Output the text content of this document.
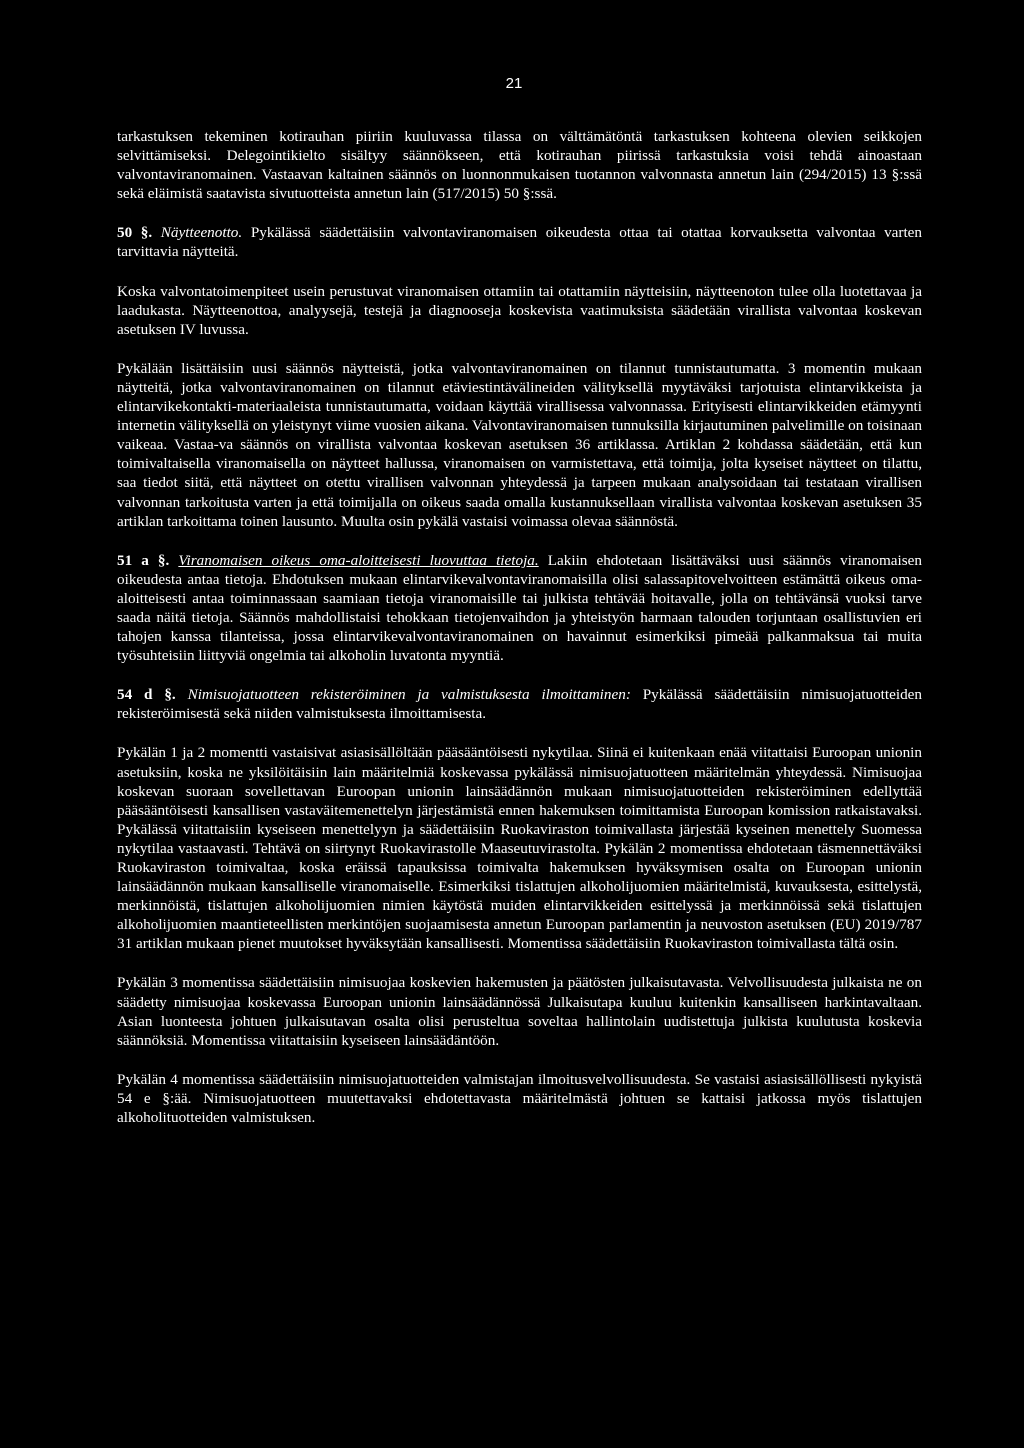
21

tarkastuksen tekeminen kotirauhan piiriin kuuluvassa tilassa on välttämätöntä tarkastuksen kohteena olevien seikkojen selvittämiseksi. Delegointikielto sisältyy säännökseen, että kotirauhan piirissä tarkastuksia voisi tehdä ainoastaan valvontaviranomainen. Vastaavan kaltainen säännös on luonnonmukaisen tuotannon valvonnasta annetun lain (294/2015) 13 §:ssä sekä eläimistä saatavista sivutuotteista annetun lain (517/2015) 50 §:ssä.

50 §. Näytteenotto. Pykälässä säädettäisiin valvontaviranomaisen oikeudesta ottaa tai otattaa korvauksetta valvontaa varten tarvittavia näytteitä.

Koska valvontatoimenpiteet usein perustuvat viranomaisen ottamiin tai otattamiin näytteisiin, näytteenoton tulee olla luotettavaa ja laadukasta. Näytteenottoa, analyysejä, testejä ja diagnooseja koskevista vaatimuksista säädetään virallista valvontaa koskevan asetuksen IV luvussa.

Pykälään lisättäisiin uusi säännös näytteistä, jotka valvontaviranomainen on tilannut tunnistautumatta. 3 momentin mukaan näytteitä, jotka valvontaviranomainen on tilannut etäviestintävälineiden välityksellä myytäväksi tarjotuista elintarvikkeista ja elintarvikekontakti-materiaaleista tunnistautumatta, voidaan käyttää virallisessa valvonnassa. Erityisesti elintarvikkeiden etämyynti internetin välityksellä on yleistynyt viime vuosien aikana. Valvontaviranomaisen tunnuksilla kirjautuminen palvelimille on toisinaan vaikeaa. Vastaa-va säännös on virallista valvontaa koskevan asetuksen 36 artiklassa. Artiklan 2 kohdassa säädetään, että kun toimivaltaisella viranomaisella on näytteet hallussa, viranomaisen on varmistettava, että toimija, jolta kyseiset näytteet on tilattu, saa tiedot siitä, että näytteet on otettu virallisen valvonnan yhteydessä ja tarpeen mukaan analysoidaan tai testataan virallisen valvonnan tarkoitusta varten ja että toimijalla on oikeus saada omalla kustannuksellaan virallista valvontaa koskevan asetuksen 35 artiklan tarkoittama toinen lausunto. Muulta osin pykälä vastaisi voimassa olevaa säännöstä.

51 a §. Viranomaisen oikeus oma-aloitteisesti luovuttaa tietoja. Lakiin ehdotetaan lisättäväksi uusi säännös viranomaisen oikeudesta antaa tietoja. Ehdotuksen mukaan elintarvikevalvontaviranomaisilla olisi salassapitovelvoitteen estämättä oikeus oma-aloitteisesti antaa toiminnassaan saamiaan tietoja viranomaisille tai julkista tehtävää hoitavalle, jolla on tehtävänsä vuoksi tarve saada näitä tietoja. Säännös mahdollistaisi tehokkaan tietojenvaihdon ja yhteistyön harmaan talouden torjuntaan osallistuvien eri tahojen kanssa tilanteissa, jossa elintarvikevalvontaviranomainen on havainnut esimerkiksi pimeää palkanmaksua tai muita työsuhteisiin liittyviä ongelmia tai alkoholin luvatonta myyntiä.

54 d §. Nimisuojatuotteen rekisteröiminen ja valmistuksesta ilmoittaminen: Pykälässä säädettäisiin nimisuojatuotteiden rekisteröimisestä sekä niiden valmistuksesta ilmoittamisesta.

Pykälän 1 ja 2 momentti vastaisivat asiasisällöltään pääsääntöisesti nykytilaa. Siinä ei kuitenkaan enää viitattaisi Euroopan unionin asetuksiin, koska ne yksilöitäisiin lain määritelmiä koskevassa pykälässä nimisuojatuotteen määritelmän yhteydessä. Nimisuojaa koskevan suoraan sovellettavan Euroopan unionin lainsäädännön mukaan nimisuojatuotteiden rekisteröiminen edellyttää pääsääntöisesti kansallisen vastaväitemenettelyn järjestämistä ennen hakemuksen toimittamista Euroopan komission ratkaistavaksi. Pykälässä viitattaisiin kyseiseen menettelyyn ja säädettäisiin Ruokaviraston toimivallasta järjestää kyseinen menettely Suomessa nykytilaa vastaavasti. Tehtävä on siirtynyt Ruokavirastolle Maaseutuvirastolta. Pykälän 2 momentissa ehdotetaan täsmennettäväksi Ruokaviraston toimivaltaa, koska eräissä tapauksissa toimivalta hakemuksen hyväksymisen osalta on Euroopan unionin lainsäädännön mukaan kansalliselle viranomaiselle. Esimerkiksi tislattujen alkoholijuomien määritelmistä, kuvauksesta, esittelystä, merkinnöistä, tislattujen alkoholijuomien nimien käytöstä muiden elintarvikkeiden esittelyssä ja merkinnöissä sekä tislattujen alkoholijuomien maantieteellisten merkintöjen suojaamisesta annetun Euroopan parlamentin ja neuvoston asetuksen (EU) 2019/787 31 artiklan mukaan pienet muutokset hyväksytään kansallisesti. Momentissa säädettäisiin Ruokaviraston toimivallasta tältä osin.

Pykälän 3 momentissa säädettäisiin nimisuojaa koskevien hakemusten ja päätösten julkaisutavasta. Velvollisuudesta julkaista ne on säädetty nimisuojaa koskevassa Euroopan unionin lainsäädännössä Julkaisutapa kuuluu kuitenkin kansalliseen harkintavaltaan. Asian luonteesta johtuen julkaisutavan osalta olisi perusteltua soveltaa hallintolain uudistettuja julkista kuulutusta koskevia säännöksiä. Momentissa viitattaisiin kyseiseen lainsäädäntöön.

Pykälän 4 momentissa säädettäisiin nimisuojatuotteiden valmistajan ilmoitusvelvollisuudesta. Se vastaisi asiasisällöllisesti nykyistä 54 e §:ää. Nimisuojatuotteen muutettavaksi ehdotettavasta määritelmästä johtuen se kattaisi jatkossa myös tislattujen alkoholituotteiden valmistuksen.
